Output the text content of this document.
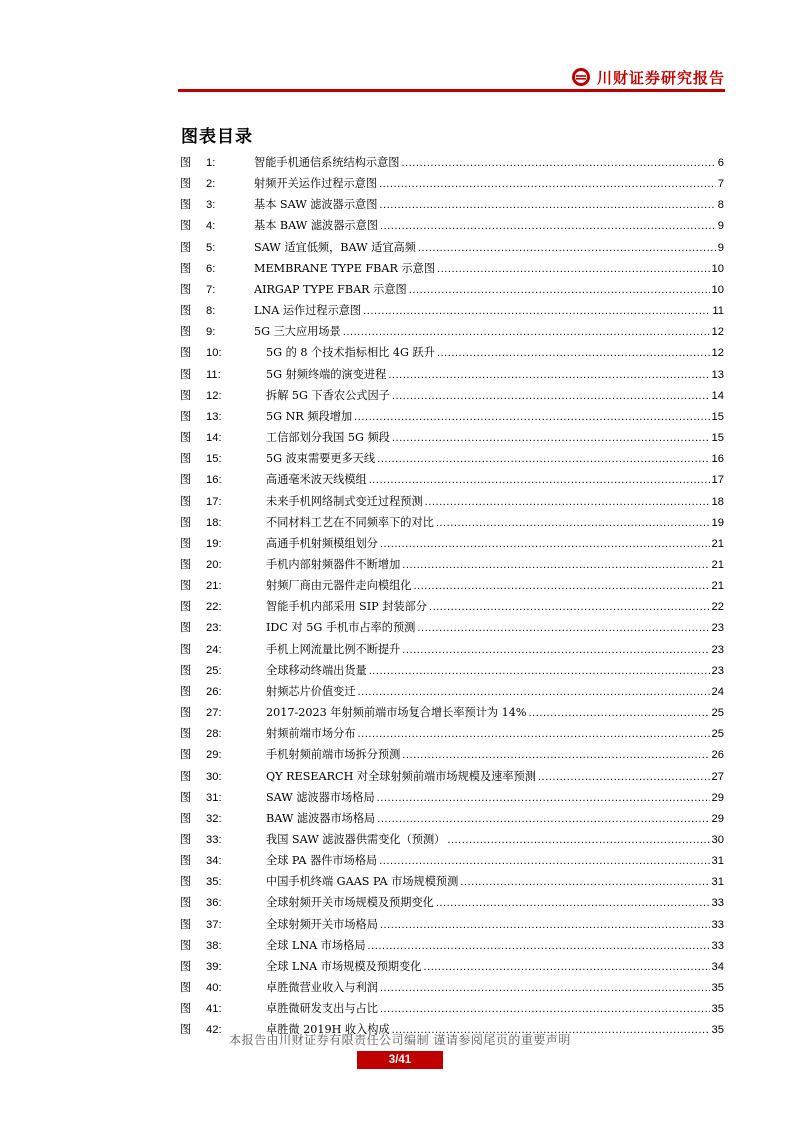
川财证券研究报告
图表目录
图	1:	智能手机通信系统结构示意图 .....	6
图	2:	射频开关运作过程示意图 .....	7
图	3:	基本 SAW 滤波器示意图 .....	8
图	4:	基本 BAW 滤波器示意图 .....	9
图	5:	SAW 适宜低频，BAW 适宜高频 .....	9
图	6:	MEMBRANE TYPE FBAR 示意图 .....	10
图	7:	AIRGAP TYPE FBAR 示意图 .....	10
图	8:	LNA 运作过程示意图 .....	11
图	9:	5G 三大应用场景 .....	12
图	10:	5G 的 8 个技术指标相比 4G 跃升 .....	12
图	11:	5G 射频终端的演变进程 .....	13
图	12:	拆解 5G 下香农公式因子 .....	14
图	13:	5G NR 频段增加 .....	15
图	14:	工信部划分我国 5G 频段 .....	15
图	15:	5G 波束需要更多天线 .....	16
图	16:	高通毫米波天线模组 .....	17
图	17:	未来手机网络制式变迁过程预测 .....	18
图	18:	不同材料工艺在不同频率下的对比 .....	19
图	19:	高通手机射频模组划分 .....	21
图	20:	手机内部射频器件不断增加 .....	21
图	21:	射频厂商由元器件走向模组化 .....	21
图	22:	智能手机内部采用 SIP 封装部分 .....	22
图	23:	IDC 对 5G 手机市占率的预测 .....	23
图	24:	手机上网流量比例不断提升 .....	23
图	25:	全球移动终端出货量 .....	23
图	26:	射频芯片价值变迁 .....	24
图	27:	2017-2023 年射频前端市场复合增长率预计为 14% .....	25
图	28:	射频前端市场分布 .....	25
图	29:	手机射频前端市场拆分预测 .....	26
图	30:	QY RESEARCH 对全球射频前端市场规模及速率预测 .....	27
图	31:	SAW 滤波器市场格局 .....	29
图	32:	BAW 滤波器市场格局 .....	29
图	33:	我国 SAW 滤波器供需变化（预测） .....	30
图	34:	全球 PA 器件市场格局 .....	31
图	35:	中国手机终端 GAAS PA 市场规模预测 .....	31
图	36:	全球射频开关市场规模及预期变化 .....	33
图	37:	全球射频开关市场格局 .....	33
图	38:	全球 LNA 市场格局 .....	33
图	39:	全球 LNA 市场规模及预期变化 .....	34
图	40:	卓胜微营业收入与利润 .....	35
图	41:	卓胜微研发支出与占比 .....	35
图	42:	卓胜微 2019H 收入构成 .....	35
本报告由川财证券有限责任公司编制 谨请参阅尾页的重要声明
3/41
